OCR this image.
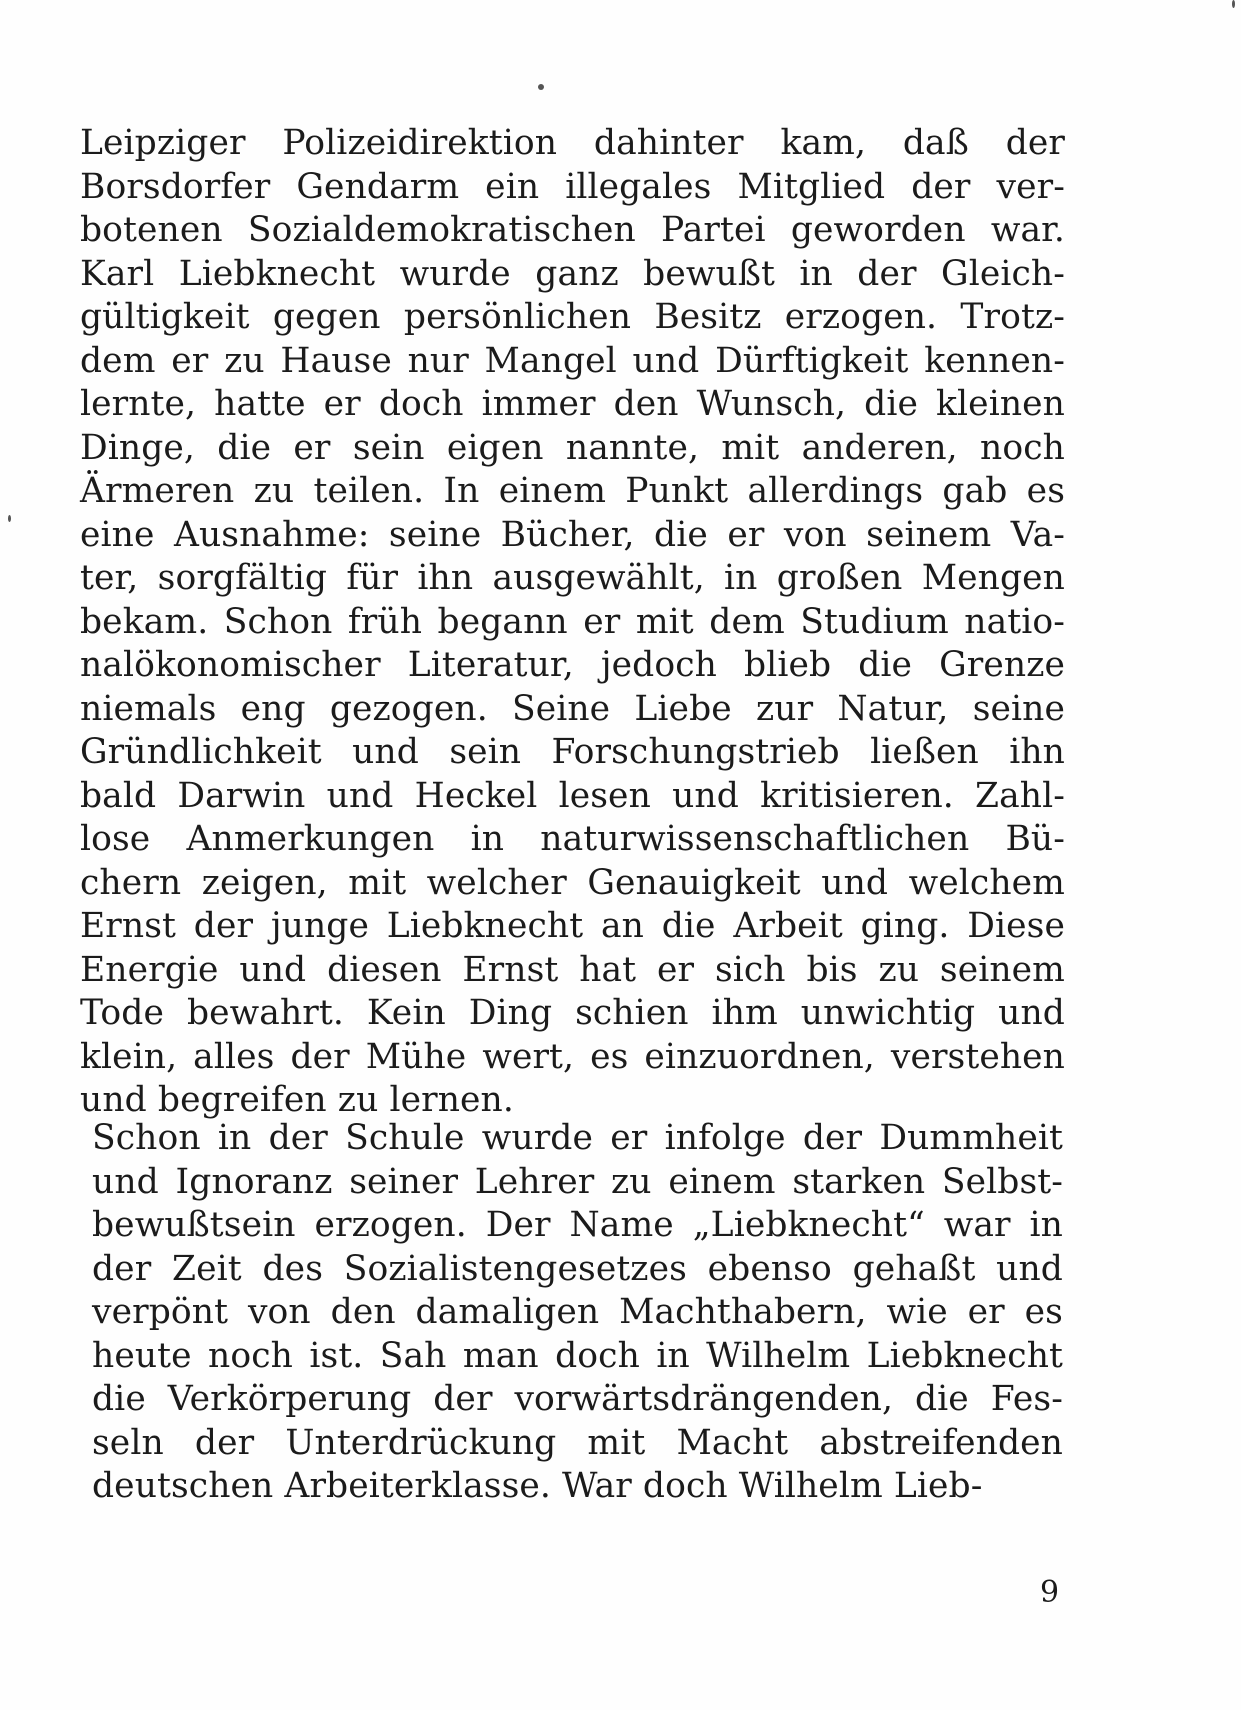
Leipziger Polizeidirektion dahinter kam, daß der
Borsdorfer Gendarm ein illegales Mitglied der ver-
botenen Sozialdemokratischen Partei geworden war.
Karl Liebknecht wurde ganz bewußt in der Gleich-
gültigkeit gegen persönlichen Besitz erzogen. Trotz-
dem er zu Hause nur Mangel und Dürftigkeit kennen-
lernte, hatte er doch immer den Wunsch, die kleinen
Dinge, die er sein eigen nannte, mit anderen, noch
Ärmeren zu teilen. In einem Punkt allerdings gab es
eine Ausnahme: seine Bücher, die er von seinem Va-
ter, sorgfältig für ihn ausgewählt, in großen Mengen
bekam. Schon früh begann er mit dem Studium natio-
nalökonomischer Literatur, jedoch blieb die Grenze
niemals eng gezogen. Seine Liebe zur Natur, seine
Gründlichkeit und sein Forschungstrieb ließen ihn
bald Darwin und Heckel lesen und kritisieren. Zahl-
lose Anmerkungen in naturwissenschaftlichen Bü-
chern zeigen, mit welcher Genauigkeit und welchem
Ernst der junge Liebknecht an die Arbeit ging. Diese
Energie und diesen Ernst hat er sich bis zu seinem
Tode bewahrt. Kein Ding schien ihm unwichtig und
klein, alles der Mühe wert, es einzuordnen, verstehen
und begreifen zu lernen.
Schon in der Schule wurde er infolge der Dummheit
und Ignoranz seiner Lehrer zu einem starken Selbst-
bewußtsein erzogen. Der Name „Liebknecht“ war in
der Zeit des Sozialistengesetzes ebenso gehaßt und
verpönt von den damaligen Machthabern, wie er es
heute noch ist. Sah man doch in Wilhelm Liebknecht
die Verkörperung der vorwärtsdrängenden, die Fes-
seln der Unterdrückung mit Macht abstreifenden
deutschen Arbeiterklasse. War doch Wilhelm Lieb-
9
